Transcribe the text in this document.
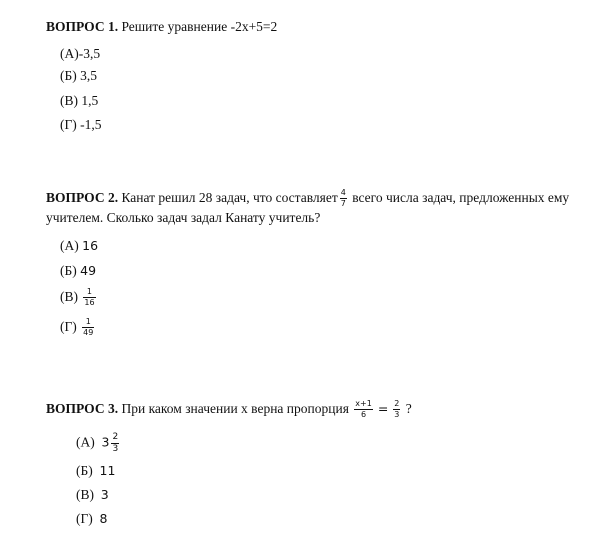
ВОПРОС 1. Решите уравнение -2x+5=2
(А)-3,5
(Б) 3,5
(В) 1,5
(Г) -1,5
ВОПРОС 2. Канат решил 28 задач, что составляет $\frac{4}{7}$ всего числа задач, предложенных ему
учителем. Сколько задач задал Канату учитель?
(А) 16
(Б) 49
$(В) \frac{1}{16}$
$(Г) \frac{1}{49}$
ВОПРОС 3. При каком значении x верна пропорция $\frac{x+1}{6} = \frac{2}{3}$ ?
(А) $3 \frac{2}{3}$
(Б) 11
(В) 3
(Г) 8
